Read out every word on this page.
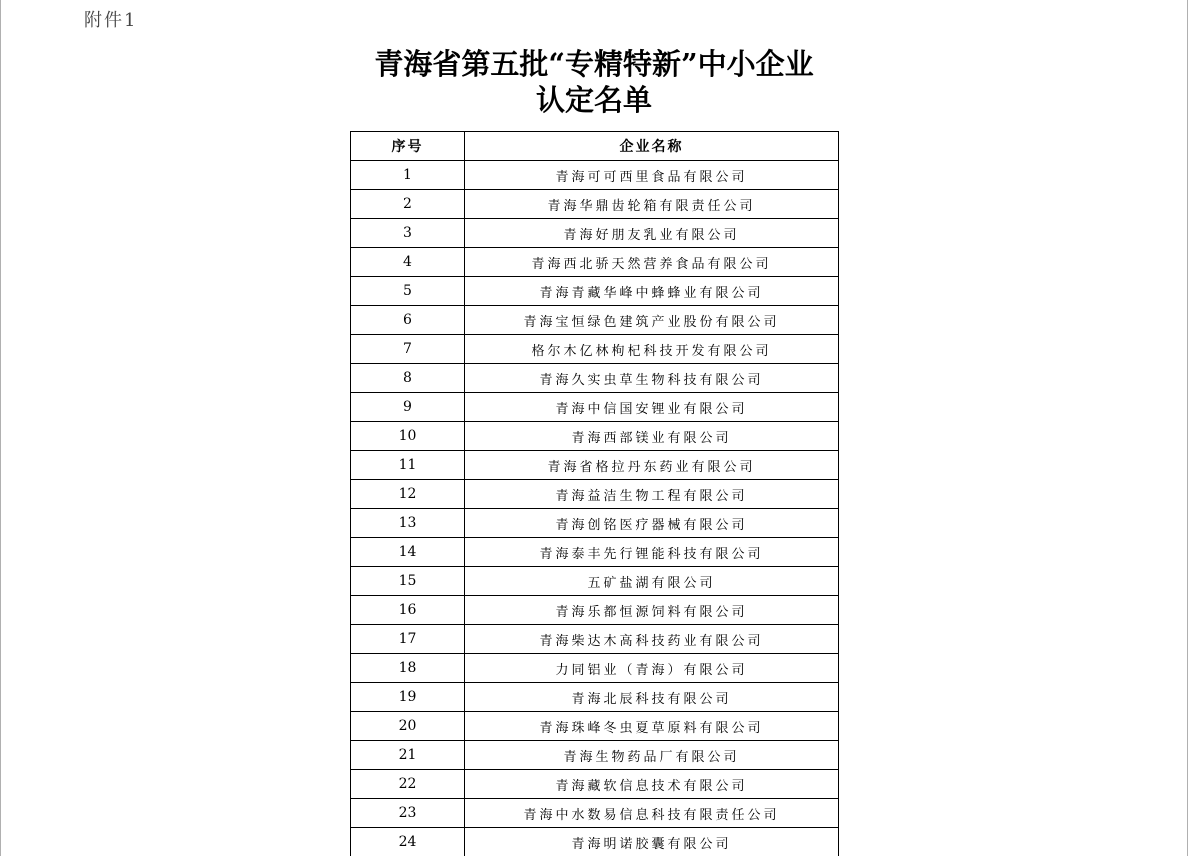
附件1
青海省第五批“专精特新”中小企业
认定名单
序号	企业名称
1	青海可可西里食品有限公司
2	青海华鼎齿轮箱有限责任公司
3	青海好朋友乳业有限公司
4	青海西北骄天然营养食品有限公司
5	青海青藏华峰中蜂蜂业有限公司
6	青海宝恒绿色建筑产业股份有限公司
7	格尔木亿林枸杞科技开发有限公司
8	青海久实虫草生物科技有限公司
9	青海中信国安锂业有限公司
10	青海西部镁业有限公司
11	青海省格拉丹东药业有限公司
12	青海益洁生物工程有限公司
13	青海创铭医疗器械有限公司
14	青海泰丰先行锂能科技有限公司
15	五矿盐湖有限公司
16	青海乐都恒源饲料有限公司
17	青海柴达木高科技药业有限公司
18	力同铝业（青海）有限公司
19	青海北辰科技有限公司
20	青海珠峰冬虫夏草原料有限公司
21	青海生物药品厂有限公司
22	青海藏软信息技术有限公司
23	青海中水数易信息科技有限责任公司
24	青海明诺胶囊有限公司
